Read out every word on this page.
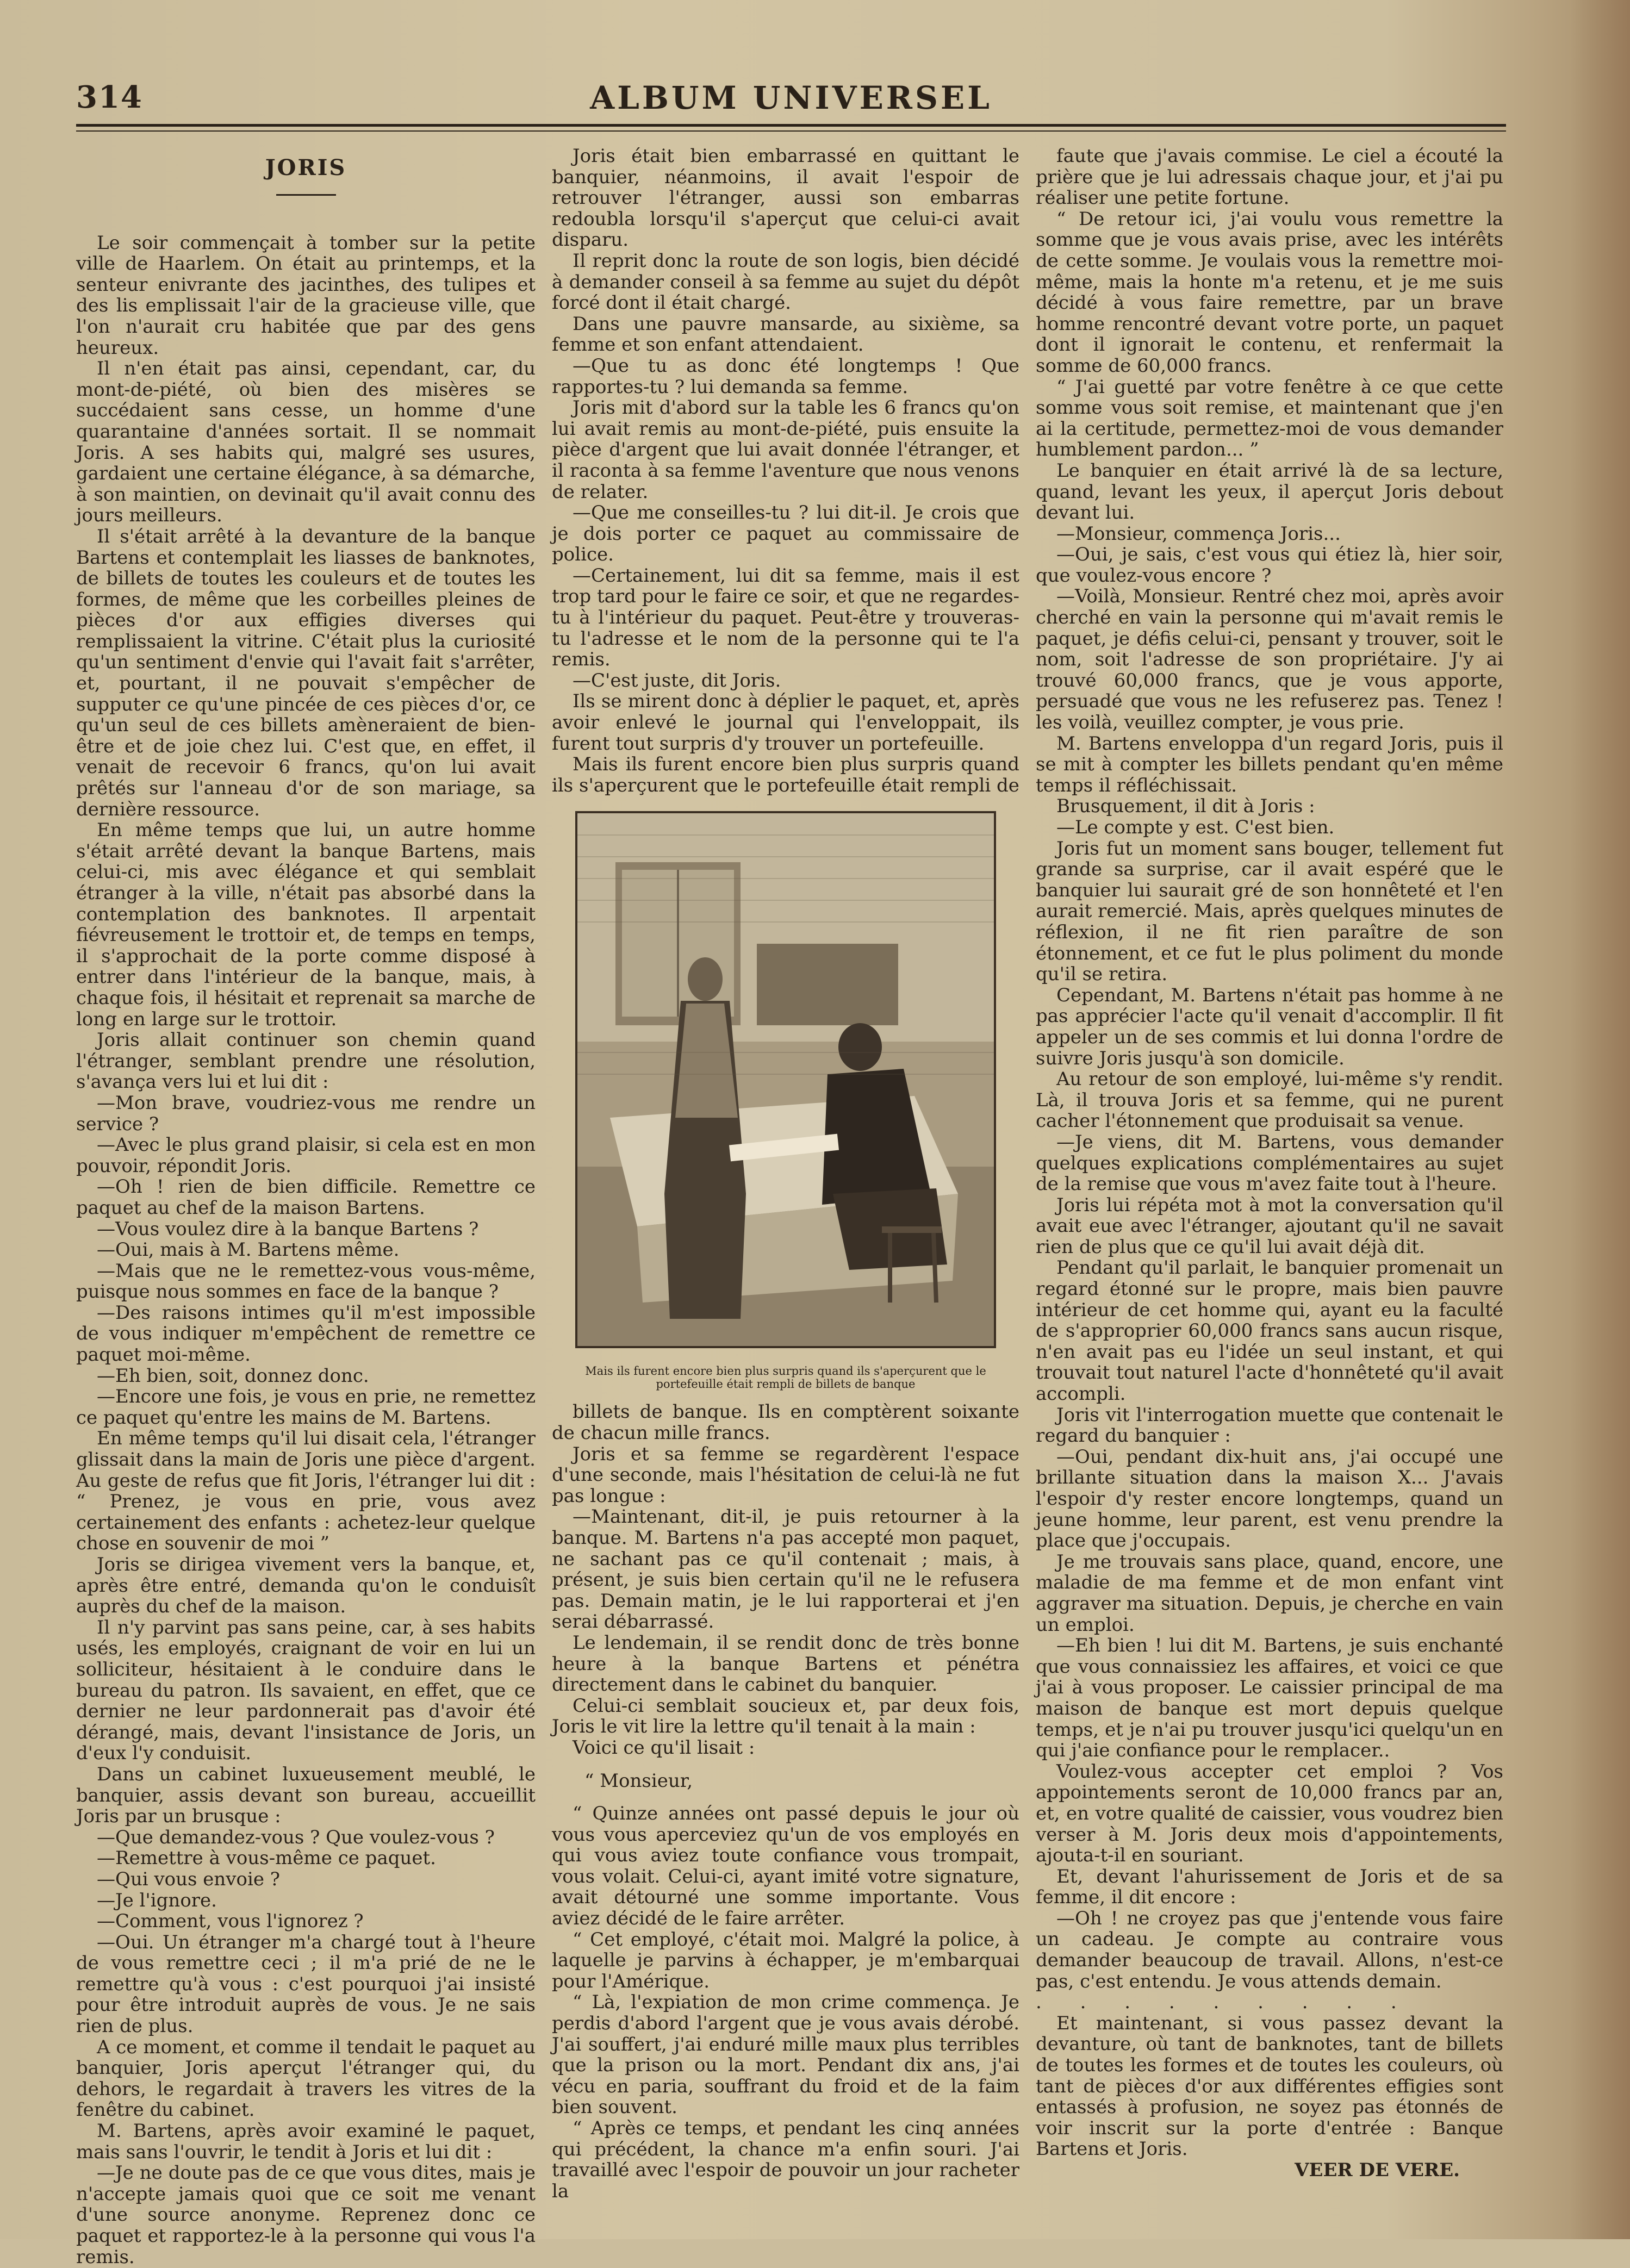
ALBUM UNIVERSEL
314

JORIS

Le soir commençait à tomber sur la petite ville de Haarlem. On était au printemps, et la senteur enivrante des jacinthes, des tulipes et des lis emplissait l'air de la gracieuse ville, que l'on n'aurait cru habitée que par des gens heureux.

Il n'en était pas ainsi, cependant, car, du mont-de-piété, où bien des misères se succédaient sans cesse, un homme d'une quarantaine d'années sortait. Il se nommait Joris. A ses habits qui, malgré ses usures, gardaient une certaine élégance, à sa démarche, à son maintien, on devinait qu'il avait connu des jours meilleurs.

Il s'était arrêté à la devanture de la banque Bartens et contemplait les liasses de banknotes, de billets de toutes les couleurs et de toutes les formes, de même que les corbeilles pleines de pièces d'or aux effigies diverses qui remplissaient la vitrine. C'était plus la curiosité qu'un sentiment d'envie qui l'avait fait s'arrêter, et, pourtant, il ne pouvait s'empêcher de supputer ce qu'une pincée de ces pièces d'or, ce qu'un seul de ces billets amèneraient de bien-être et de joie chez lui. C'est que, en effet, il venait de recevoir 6 francs, qu'on lui avait prêtés sur l'anneau d'or de son mariage, sa dernière ressource.

En même temps que lui, un autre homme s'était arrêté devant la banque Bartens, mais celui-ci, mis avec élégance et qui semblait étranger à la ville, n'était pas absorbé dans la contemplation des banknotes. Il arpentait fiévreusement le trottoir et, de temps en temps, il s'approchait de la porte comme disposé à entrer dans l'intérieur de la banque, mais, à chaque fois, il hésitait et reprenait sa marche de long en large sur le trottoir.

Joris allait continuer son chemin quand l'étranger, semblant prendre une résolution, s'avança vers lui et lui dit :

—Mon brave, voudriez-vous me rendre un service ?

—Avec le plus grand plaisir, si cela est en mon pouvoir, répondit Joris.

—Oh ! rien de bien difficile. Remettre ce paquet au chef de la maison Bartens.

—Vous voulez dire à la banque Bartens ?

—Oui, mais à M. Bartens même.

—Mais que ne le remettez-vous vous-même, puisque nous sommes en face de la banque ?

—Des raisons intimes qu'il m'est impossible de vous indiquer m'empêchent de remettre ce paquet moi-même.

—Eh bien, soit, donnez donc.

—Encore une fois, je vous en prie, ne remettez ce paquet qu'entre les mains de M. Bartens.

En même temps qu'il lui disait cela, l'étranger glissait dans la main de Joris une pièce d'argent. Au geste de refus que fit Joris, l'étranger lui dit : “ Prenez, je vous en prie, vous avez certainement des enfants : achetez-leur quelque chose en souvenir de moi ”

Joris se dirigea vivement vers la banque, et, après être entré, demanda qu'on le conduisît auprès du chef de la maison.

Il n'y parvint pas sans peine, car, à ses habits usés, les employés, craignant de voir en lui un solliciteur, hésitaient à le conduire dans le bureau du patron. Ils savaient, en effet, que ce dernier ne leur pardonnerait pas d'avoir été dérangé, mais, devant l'insistance de Joris, un d'eux l'y conduisit.

Dans un cabinet luxueusement meublé, le banquier, assis devant son bureau, accueillit Joris par un brusque :

—Que demandez-vous ? Que voulez-vous ?

—Remettre à vous-même ce paquet.

—Qui vous envoie ?

—Je l'ignore.

—Comment, vous l'ignorez ?

—Oui. Un étranger m'a chargé tout à l'heure de vous remettre ceci ; il m'a prié de ne le remettre qu'à vous : c'est pourquoi j'ai insisté pour être introduit auprès de vous. Je ne sais rien de plus.

A ce moment, et comme il tendait le paquet au banquier, Joris aperçut l'étranger qui, du dehors, le regardait à travers les vitres de la fenêtre du cabinet.

M. Bartens, après avoir examiné le paquet, mais sans l'ouvrir, le tendit à Joris et lui dit :

—Je ne doute pas de ce que vous dites, mais je n'accepte jamais quoi que ce soit me venant d'une source anonyme. Reprenez donc ce paquet et rapportez-le à la personne qui vous l'a remis.

Joris était bien embarrassé en quittant le banquier, néanmoins, il avait l'espoir de retrouver l'étranger, aussi son embarras redoubla lorsqu'il s'aperçut que celui-ci avait disparu.

Il reprit donc la route de son logis, bien décidé à demander conseil à sa femme au sujet du dépôt forcé dont il était chargé.

Dans une pauvre mansarde, au sixième, sa femme et son enfant attendaient.

—Que tu as donc été longtemps ! Que rapportes-tu ? lui demanda sa femme.

Joris mit d'abord sur la table les 6 francs qu'on lui avait remis au mont-de-piété, puis ensuite la pièce d'argent que lui avait donnée l'étranger, et il raconta à sa femme l'aventure que nous venons de relater.

—Que me conseilles-tu ? lui dit-il. Je crois que je dois porter ce paquet au commissaire de police.

—Certainement, lui dit sa femme, mais il est trop tard pour le faire ce soir, et que ne regardes-tu à l'intérieur du paquet. Peut-être y trouveras-tu l'adresse et le nom de la personne qui te l'a remis.

—C'est juste, dit Joris.

Ils se mirent donc à déplier le paquet, et, après avoir enlevé le journal qui l'enveloppait, ils furent tout surpris d'y trouver un portefeuille.

Mais ils furent encore bien plus surpris quand ils s'aperçurent que le portefeuille était rempli de

Mais ils furent encore bien plus surpris quand ils s'aperçurent que le portefeuille était rempli de billets de banque

billets de banque. Ils en comptèrent soixante de chacun mille francs.

Joris et sa femme se regardèrent l'espace d'une seconde, mais l'hésitation de celui-là ne fut pas longue :

—Maintenant, dit-il, je puis retourner à la banque. M. Bartens n'a pas accepté mon paquet, ne sachant pas ce qu'il contenait ; mais, à présent, je suis bien certain qu'il ne le refusera pas. Demain matin, je le lui rapporterai et j'en serai débarrassé.

Le lendemain, il se rendit donc de très bonne heure à la banque Bartens et pénétra directement dans le cabinet du banquier.

Celui-ci semblait soucieux et, par deux fois, Joris le vit lire la lettre qu'il tenait à la main :

Voici ce qu'il lisait :

“ Monsieur,

“ Quinze années ont passé depuis le jour où vous vous aperceviez qu'un de vos employés en qui vous aviez toute confiance vous trompait, vous volait. Celui-ci, ayant imité votre signature, avait détourné une somme importante. Vous aviez décidé de le faire arrêter.

“ Cet employé, c'était moi. Malgré la police, à laquelle je parvins à échapper, je m'embarquai pour l'Amérique.

“ Là, l'expiation de mon crime commença. Je perdis d'abord l'argent que je vous avais dérobé. J'ai souffert, j'ai enduré mille maux plus terribles que la prison ou la mort. Pendant dix ans, j'ai vécu en paria, souffrant du froid et de la faim bien souvent.

“ Après ce temps, et pendant les cinq années qui précédent, la chance m'a enfin souri. J'ai travaillé avec l'espoir de pouvoir un jour racheter la

faute que j'avais commise. Le ciel a écouté la prière que je lui adressais chaque jour, et j'ai pu réaliser une petite fortune.

“ De retour ici, j'ai voulu vous remettre la somme que je vous avais prise, avec les intérêts de cette somme. Je voulais vous la remettre moi-même, mais la honte m'a retenu, et je me suis décidé à vous faire remettre, par un brave homme rencontré devant votre porte, un paquet dont il ignorait le contenu, et renfermait la somme de 60,000 francs.

“ J'ai guetté par votre fenêtre à ce que cette somme vous soit remise, et maintenant que j'en ai la certitude, permettez-moi de vous demander humblement pardon... ”

Le banquier en était arrivé là de sa lecture, quand, levant les yeux, il aperçut Joris debout devant lui.

—Monsieur, commença Joris...

—Oui, je sais, c'est vous qui étiez là, hier soir, que voulez-vous encore ?

—Voilà, Monsieur. Rentré chez moi, après avoir cherché en vain la personne qui m'avait remis le paquet, je défis celui-ci, pensant y trouver, soit le nom, soit l'adresse de son propriétaire. J'y ai trouvé 60,000 francs, que je vous apporte, persuadé que vous ne les refuserez pas. Tenez ! les voilà, veuillez compter, je vous prie.

M. Bartens enveloppa d'un regard Joris, puis il se mit à compter les billets pendant qu'en même temps il réfléchissait.

Brusquement, il dit à Joris :

—Le compte y est. C'est bien.

Joris fut un moment sans bouger, tellement fut grande sa surprise, car il avait espéré que le banquier lui saurait gré de son honnêteté et l'en aurait remercié. Mais, après quelques minutes de réflexion, il ne fit rien paraître de son étonnement, et ce fut le plus poliment du monde qu'il se retira.

Cependant, M. Bartens n'était pas homme à ne pas apprécier l'acte qu'il venait d'accomplir. Il fit appeler un de ses commis et lui donna l'ordre de suivre Joris jusqu'à son domicile.

Au retour de son employé, lui-même s'y rendit. Là, il trouva Joris et sa femme, qui ne purent cacher l'étonnement que produisait sa venue.

—Je viens, dit M. Bartens, vous demander quelques explications complémentaires au sujet de la remise que vous m'avez faite tout à l'heure.

Joris lui répéta mot à mot la conversation qu'il avait eue avec l'étranger, ajoutant qu'il ne savait rien de plus que ce qu'il lui avait déjà dit.

Pendant qu'il parlait, le banquier promenait un regard étonné sur le propre, mais bien pauvre intérieur de cet homme qui, ayant eu la faculté de s'approprier 60,000 francs sans aucun risque, n'en avait pas eu l'idée un seul instant, et qui trouvait tout naturel l'acte d'honnêteté qu'il avait accompli.

Joris vit l'interrogation muette que contenait le regard du banquier :

—Oui, pendant dix-huit ans, j'ai occupé une brillante situation dans la maison X... J'avais l'espoir d'y rester encore longtemps, quand un jeune homme, leur parent, est venu prendre la place que j'occupais.

Je me trouvais sans place, quand, encore, une maladie de ma femme et de mon enfant vint aggraver ma situation. Depuis, je cherche en vain un emploi.

—Eh bien ! lui dit M. Bartens, je suis enchanté que vous connaissiez les affaires, et voici ce que j'ai à vous proposer. Le caissier principal de ma maison de banque est mort depuis quelque temps, et je n'ai pu trouver jusqu'ici quelqu'un en qui j'aie confiance pour le remplacer..

Voulez-vous accepter cet emploi ? Vos appointements seront de 10,000 francs par an, et, en votre qualité de caissier, vous voudrez bien verser à M. Joris deux mois d'appointements, ajouta-t-il en souriant.

Et, devant l'ahurissement de Joris et de sa femme, il dit encore :

—Oh ! ne croyez pas que j'entende vous faire un cadeau. Je compte au contraire vous demander beaucoup de travail. Allons, n'est-ce pas, c'est entendu. Je vous attends demain.

. . . . . . . . .

Et maintenant, si vous passez devant la devanture, où tant de banknotes, tant de billets de toutes les formes et de toutes les couleurs, où tant de pièces d'or aux différentes effigies sont entassés à profusion, ne soyez pas étonnés de voir inscrit sur la porte d'entrée : Banque Bartens et Joris.

VEER DE VERE.
